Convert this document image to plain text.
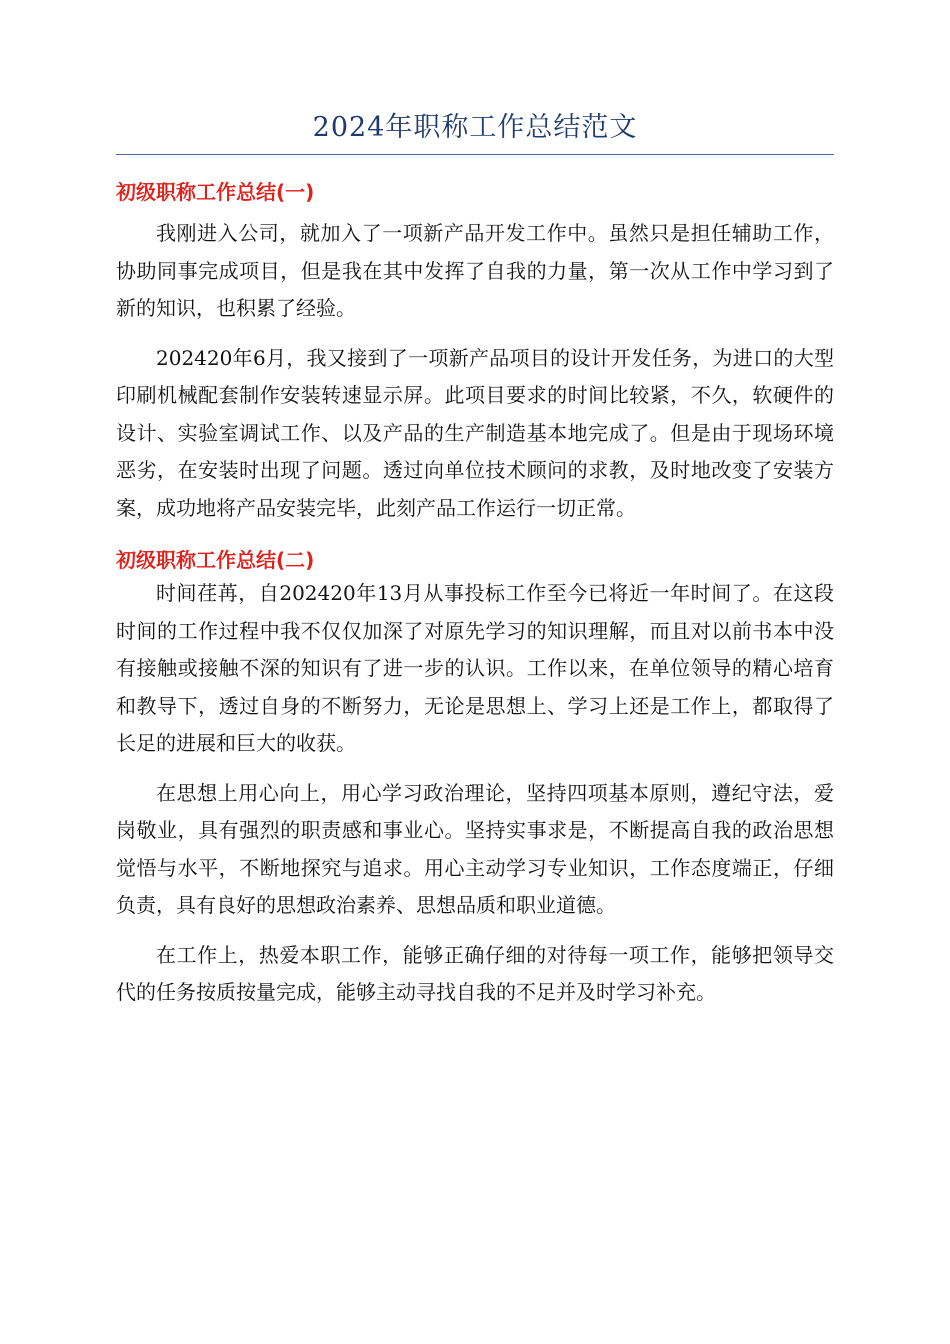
2024年职称工作总结范文
初级职称工作总结(一)

我刚进入公司，就加入了一项新产品开发工作中。虽然只是担任辅助工作，协助同事完成项目，但是我在其中发挥了自我的力量，第一次从工作中学习到了新的知识，也积累了经验。

202420年6月，我又接到了一项新产品项目的设计开发任务，为进口的大型印刷机械配套制作安装转速显示屏。此项目要求的时间比较紧，不久，软硬件的设计、实验室调试工作、以及产品的生产制造基本地完成了。但是由于现场环境恶劣，在安装时出现了问题。透过向单位技术顾问的求教，及时地改变了安装方案，成功地将产品安装完毕，此刻产品工作运行一切正常。

初级职称工作总结(二)

时间荏苒，自202420年13月从事投标工作至今已将近一年时间了。在这段时间的工作过程中我不仅仅加深了对原先学习的知识理解，而且对以前书本中没有接触或接触不深的知识有了进一步的认识。工作以来，在单位领导的精心培育和教导下，透过自身的不断努力，无论是思想上、学习上还是工作上，都取得了长足的进展和巨大的收获。

在思想上用心向上，用心学习政治理论，坚持四项基本原则，遵纪守法，爱岗敬业，具有强烈的职责感和事业心。坚持实事求是，不断提高自我的政治思想觉悟与水平，不断地探究与追求。用心主动学习专业知识，工作态度端正，仔细负责，具有良好的思想政治素养、思想品质和职业道德。

在工作上，热爱本职工作，能够正确仔细的对待每一项工作，能够把领导交代的任务按质按量完成，能够主动寻找自我的不足并及时学习补充。
